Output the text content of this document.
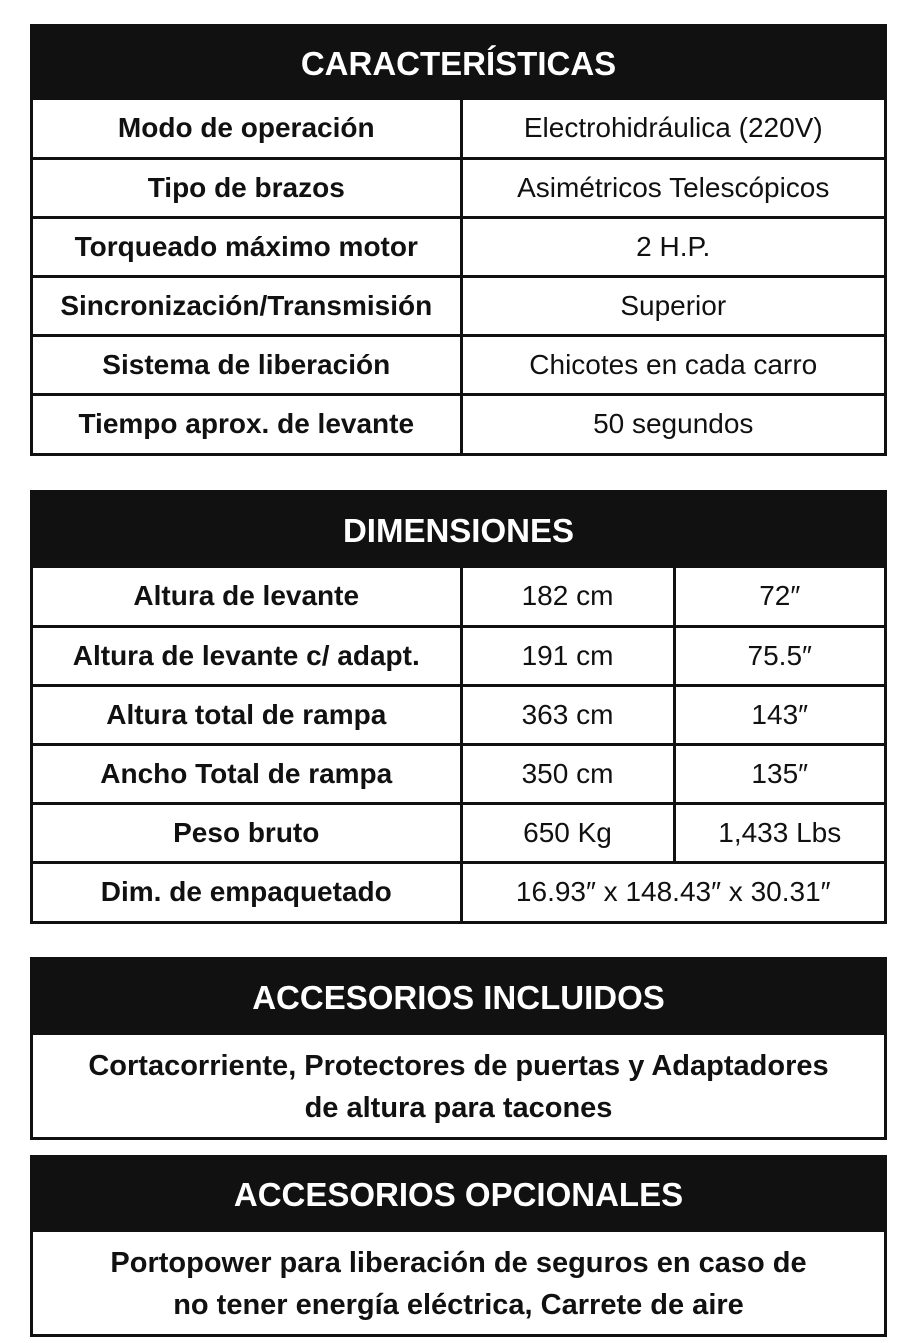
CARACTERÍSTICAS
Modo de operación	Electrohidráulica (220V)
Tipo de brazos	Asimétricos Telescópicos
Torqueado máximo motor	2 H.P.
Sincronización/Transmisión	Superior
Sistema de liberación	Chicotes en cada carro
Tiempo aprox. de levante	50 segundos
DIMENSIONES
Altura de levante	182 cm	72″
Altura de levante c/ adapt.	191 cm	75.5″
Altura total de rampa	363 cm	143″
Ancho Total de rampa	350 cm	135″
Peso bruto	650 Kg	1,433 Lbs
Dim. de empaquetado	16.93″ x 148.43″ x 30.31″	
ACCESORIOS INCLUIDOS
Cortacorriente, Protectores de puertas y Adaptadores
de altura para tacones
ACCESORIOS OPCIONALES
Portopower para liberación de seguros en caso de
no tener energía eléctrica, Carrete de aire
